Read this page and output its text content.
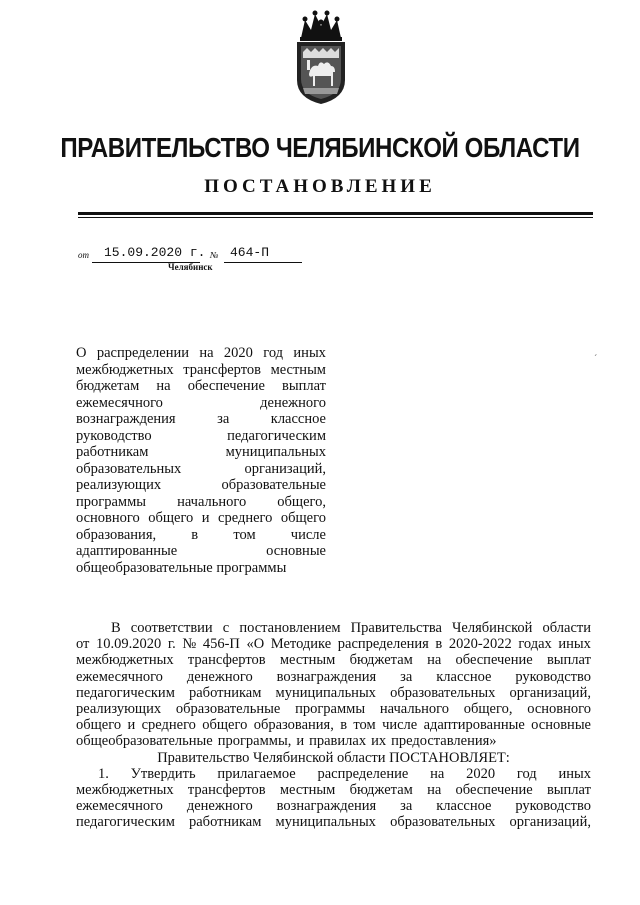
ПРАВИТЕЛЬСТВО ЧЕЛЯБИНСКОЙ ОБЛАСТИ
ПОСТАНОВЛЕНИЕ
от 15.09.2020 г. № 464-П
Челябинск
´
О распределении на 2020 год иных
межбюджетных трансфертов местным
бюджетам на обеспечение выплат
ежемесячного	денежного
вознаграждения	за	классное
руководство	педагогическим
работникам	муниципальных
образовательных	организаций,
реализующих	образовательные
программы начального общего,
основного общего и среднего общего
образования, в том числе
адаптированные	основные
общеобразовательные программы
В соответствии с постановлением Правительства Челябинской области
от 10.09.2020 г. № 456-П «О Методике распределения в 2020-2022 годах иных
межбюджетных трансфертов местным бюджетам на обеспечение выплат
ежемесячного денежного вознаграждения за классное руководство
педагогическим работникам муниципальных образовательных организаций,
реализующих образовательные программы начального общего, основного
общего и среднего общего образования, в том числе адаптированные основные
общеобразовательные программы, и правилах их предоставления»
Правительство Челябинской области ПОСТАНОВЛЯЕТ:
1. Утвердить прилагаемое распределение на 2020 год иных
межбюджетных трансфертов местным бюджетам на обеспечение выплат
ежемесячного денежного вознаграждения за классное руководство
педагогическим работникам муниципальных образовательных организаций,
